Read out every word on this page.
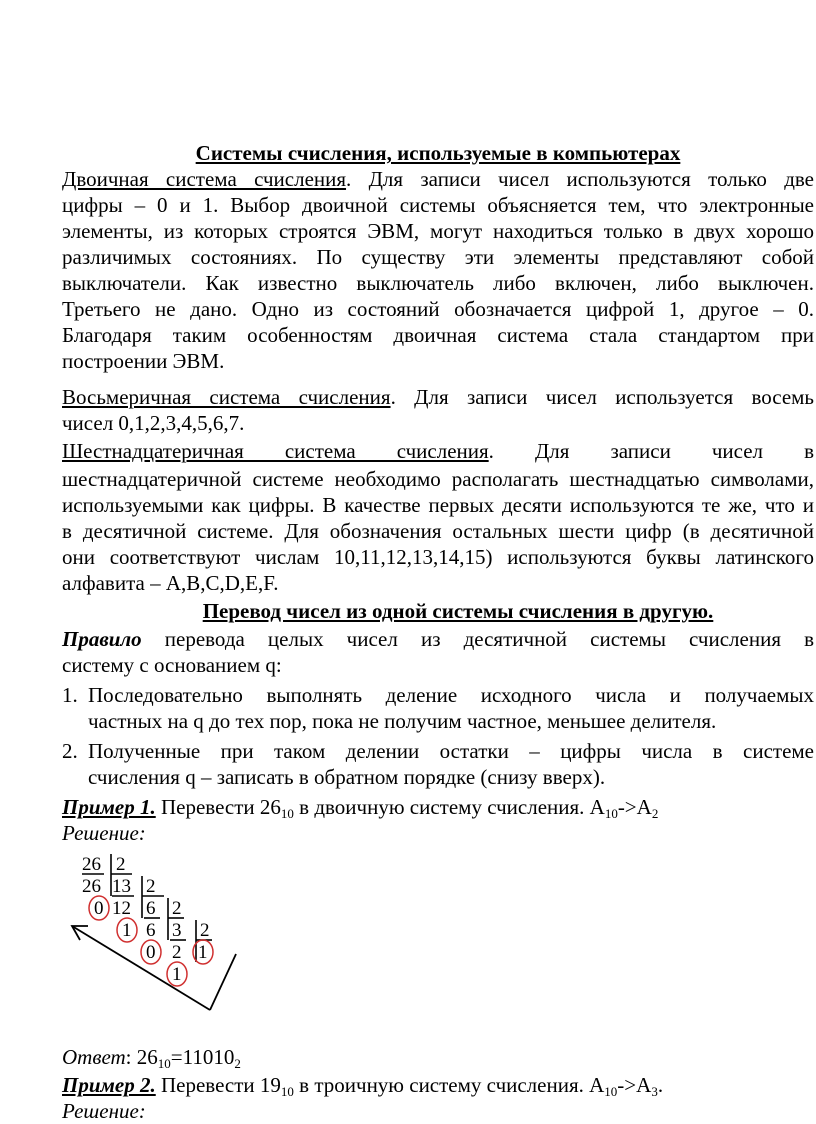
Системы счисления, используемые в компьютерах
Двоичная система счисления. Для записи чисел используются только две
цифры – 0 и 1. Выбор двоичной системы объясняется тем, что электронные
элементы, из которых строятся ЭВМ, могут находиться только в двух хорошо
различимых состояниях. По существу эти элементы представляют собой
выключатели. Как известно выключатель либо включен, либо выключен.
Третьего не дано. Одно из состояний обозначается цифрой 1, другое – 0.
Благодаря таким особенностям двоичная система стала стандартом при
построении ЭВМ.
Восьмеричная система счисления. Для записи чисел используется восемь
чисел 0,1,2,3,4,5,6,7.
Шестнадцатеричная система счисления. Для записи чисел в
шестнадцатеричной системе необходимо располагать шестнадцатью символами,
используемыми как цифры. В качестве первых десяти используются те же, что и
в десятичной системе. Для обозначения остальных шести цифр (в десятичной
они соответствуют числам 10,11,12,13,14,15) используются буквы латинского
алфавита – A,B,C,D,E,F.
Перевод чисел из одной системы счисления в другую.
Правило перевода целых чисел из десятичной системы счисления в
систему с основанием q:
1. Последовательно выполнять деление исходного числа и получаемых
частных на q до тех пор, пока не получим частное, меньшее делителя.
2. Полученные при таком делении остатки – цифры числа в системе
счисления q – записать в обратном порядке (снизу вверх).
Пример 1. Перевести $26_{10}$ в двоичную систему счисления. $A_{10}->A_2$
Решение:
Ответ: $26_{10}=11010_2$
Пример 2. Перевести $19_{10}$ в троичную систему счисления. $A_{10}->A_3$.
Решение:
26 2
26 13 2
0 12 6 2
1 6 3 2
0 2 1
1
